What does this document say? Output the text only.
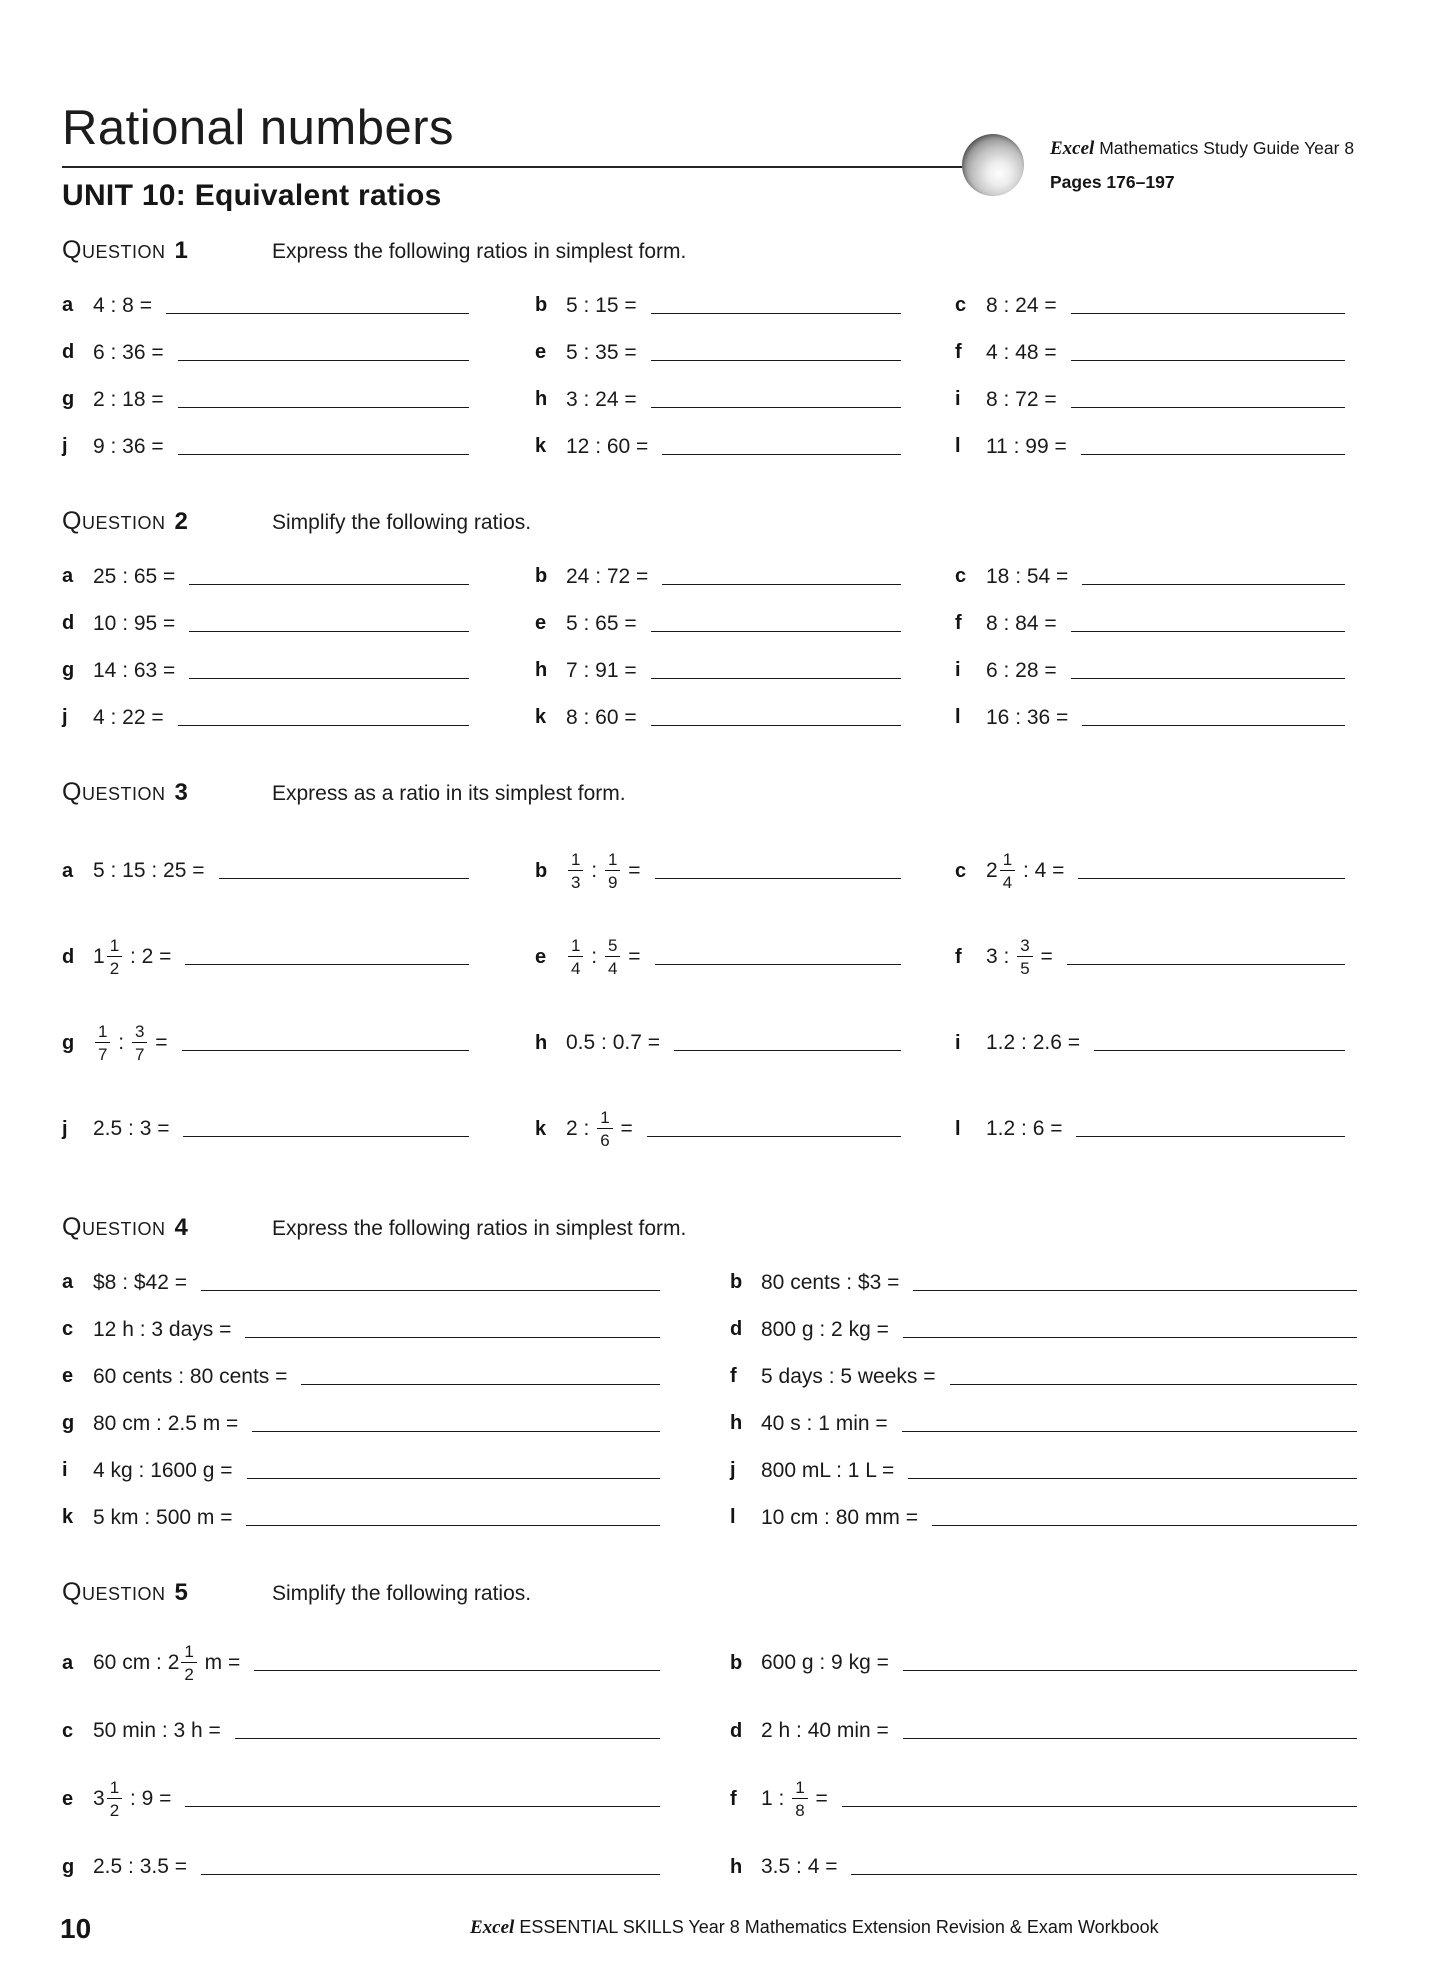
Rational numbers	Excel Mathematics Study Guide Year 8
Pages 176–197
UNIT 10: Equivalent ratios
Question 1	Express the following ratios in simplest form.
a 4 : 8 =	b 5 : 15 =	c 8 : 24 =
d 6 : 36 =	e 5 : 35 =	f	4 : 48 =
g 2 : 18 =	h 3 : 24 =	i	8 : 72 =
j	9 : 36 =	k 12 : 60 =	l	11 : 99 =
Question 2	Simplify the following ratios.
a 25 : 65 =	b 24 : 72 =	c 18 : 54 =
d 10 : 95 =	e 5 : 65 =	f	8 : 84 =
g 14 : 63 =	h 7 : 91 =	i	6 : 28 =
j	4 : 22 =	k 8 : 60 =	l	16 : 36 =
Question 3	Express as a ratio in its simplest form.
a 5 : 15 : 25 =	b	$\frac{1}{3}$ : $\frac{1}{9}$ =	c $2 \frac{1}{4}$ : 4 =
d $1 \frac{1}{2}$ : 2 =	e	$\frac{1}{4}$ : $\frac{5}{4}$ =	f	3 : $\frac{3}{5}$ =
g	$\frac{1}{7}$ : $\frac{3}{7}$ =	h 0.5 : 0.7 =	i	1.2 : 2.6 =
j	2.5 : 3 =	k 2 : $\frac{1}{6}$ =	l	1.2 : 6 =
Question 4	Express the following ratios in simplest form.
a $8 : $42 =	b 80 cents : $3 =
c 12 h : 3 days =	d 800 g : 2 kg =
e 60 cents : 80 cents =	f	5 days : 5 weeks =
g 80 cm : 2.5 m =	h 40 s : 1 min =
i	4 kg : 1600 g =	j	800 mL : 1 L =
k 5 km : 500 m =	l	10 cm : 80 mm =
Question 5	Simplify the following ratios.
a 60 cm : $2 \frac{1}{2}$ m =	b 600 g : 9 kg =
c 50 min : 3 h =	d 2 h : 40 min =
e $3 \frac{1}{2}$ : 9 =	f	1 : $\frac{1}{8}$ =
g 2.5 : 3.5 =	h 3.5 : 4 =
10	Excel ESSENTIAL SKILLS Year 8 Mathematics Extension Revision & Exam Workbook
